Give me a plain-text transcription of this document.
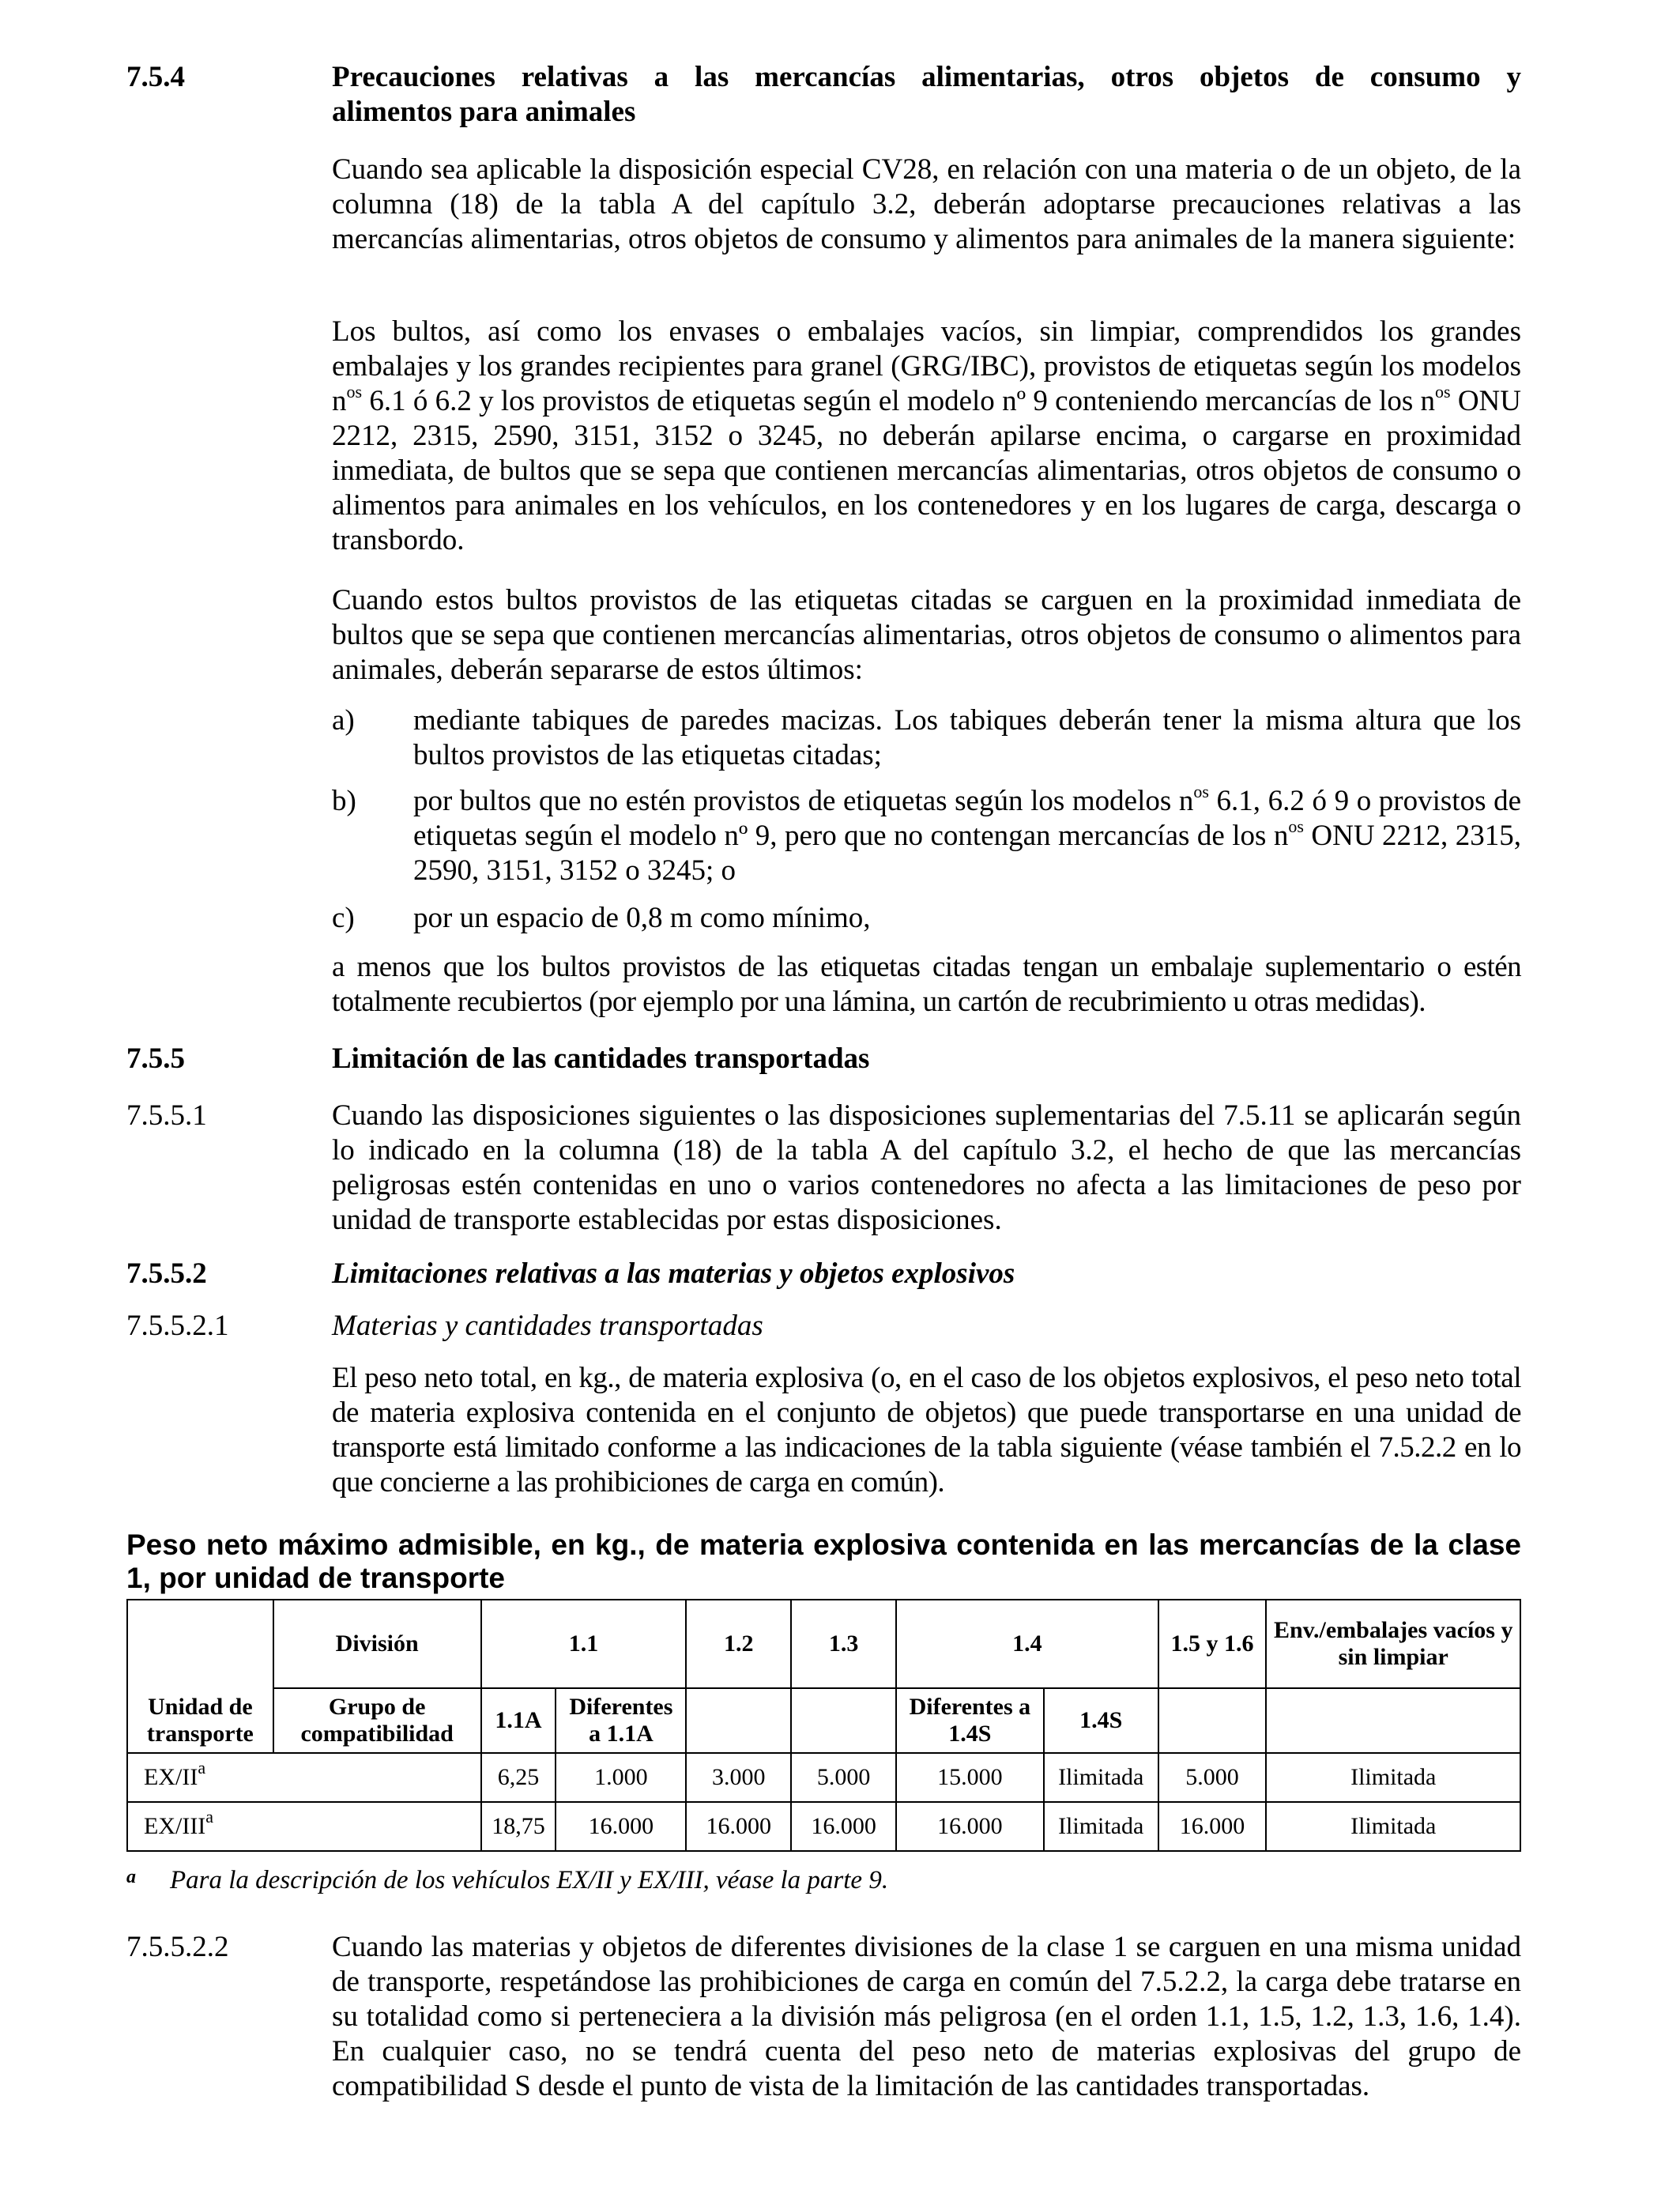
7.5.4	Precauciones relativas a las mercancías alimentarias, otros objetos de consumo y
alimentos para animales

Cuando sea aplicable la disposición especial CV28, en relación con una materia o de un objeto, de la columna (18) de la tabla A del capítulo 3.2, deberán adoptarse precauciones relativas a las mercancías alimentarias, otros objetos de consumo y alimentos para animales de la manera siguiente:

Los bultos, así como los envases o embalajes vacíos, sin limpiar, comprendidos los grandes embalajes y los grandes recipientes para granel (GRG/IBC), provistos de etiquetas según los modelos $n^{os}$ 6.1 ó 6.2 y los provistos de etiquetas según el modelo nº 9 conteniendo mercancías de los $n^{os}$ ONU 2212, 2315, 2590, 3151, 3152 o 3245, no deberán apilarse encima, o cargarse en proximidad inmediata, de bultos que se sepa que contienen mercancías alimentarias, otros objetos de consumo o alimentos para animales en los vehículos, en los contenedores y en los lugares de carga, descarga o transbordo.

Cuando estos bultos provistos de las etiquetas citadas se carguen en la proximidad inmediata de bultos que se sepa que contienen mercancías alimentarias, otros objetos de consumo o alimentos para animales, deberán separarse de estos últimos:

a)	mediante tabiques de paredes macizas. Los tabiques deberán tener la misma altura que los bultos provistos de las etiquetas citadas;

b)	por bultos que no estén provistos de etiquetas según los modelos $n^{os}$ 6.1, 6.2 ó 9 o provistos de etiquetas según el modelo nº 9, pero que no contengan mercancías de los $n^{os}$ ONU 2212, 2315, 2590, 3151, 3152 o 3245; o

c)	por un espacio de 0,8 m como mínimo,

a menos que los bultos provistos de las etiquetas citadas tengan un embalaje suplementario o estén totalmente recubiertos (por ejemplo por una lámina, un cartón de recubrimiento u otras medidas).

7.5.5	Limitación de las cantidades transportadas
7.5.5.1	Cuando las disposiciones siguientes o las disposiciones suplementarias del 7.5.11 se aplicarán según lo indicado en la columna (18) de la tabla A del capítulo 3.2, el hecho de que las mercancías peligrosas estén contenidas en uno o varios contenedores no afecta a las limitaciones de peso por unidad de transporte establecidas por estas disposiciones.

7.5.5.2	Limitaciones relativas a las materias y objetos explosivos
7.5.5.2.1	Materias y cantidades transportadas

El peso neto total, en kg., de materia explosiva (o, en el caso de los objetos explosivos, el peso neto total de materia explosiva contenida en el conjunto de objetos) que puede transportarse en una unidad de transporte está limitado conforme a las indicaciones de la tabla siguiente (véase también el 7.5.2.2 en lo que concierne a las prohibiciones de carga en común).

Peso neto máximo admisible, en kg., de materia explosiva contenida en las mercancías de la clase 1, por unidad de transporte
	División	1.1		1.2	1.3	1.4		1.5 y 1.6	Env./embalajes vacíos y sin limpiar
Unidad de transporte	Grupo de compatibilidad	1.1A	Diferentes a 1.1A			Diferentes a 1.4S	1.4S		
$EX/II^a$		6,25	1.000	3.000	5.000	15.000	Ilimitada	5.000	Ilimitada
EX/III$^a$		18,75	16.000	16.000	16.000	16.000	Ilimitada	16.000	Ilimitada
a Para la descripción de los vehículos EX/II y EX/III, véase la parte 9.
7.5.5.2.2	Cuando las materias y objetos de diferentes divisiones de la clase 1 se carguen en una misma unidad de transporte, respetándose las prohibiciones de carga en común del 7.5.2.2, la carga debe tratarse en su totalidad como si perteneciera a la división más peligrosa (en el orden 1.1, 1.5, 1.2, 1.3, 1.6, 1.4). En cualquier caso, no se tendrá cuenta del peso neto de materias explosivas del grupo de compatibilidad S desde el punto de vista de la limitación de las cantidades transportadas.
